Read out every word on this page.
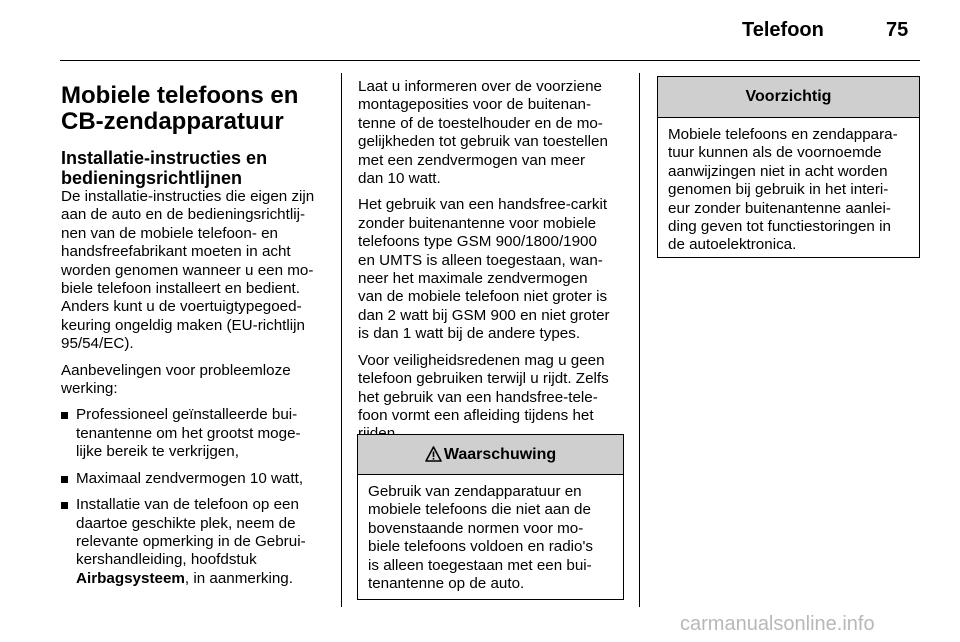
Telefoon	75
Mobiele telefoons en
CB-zendapparatuur
Installatie-instructies en
bedieningsrichtlijnen

De installatie-instructies die eigen zijn
aan de auto en de bedieningsrichtlij-
nen van de mobiele telefoon- en
handsfreefabrikant moeten in acht
worden genomen wanneer u een mo-
biele telefoon installeert en bedient.
Anders kunt u de voertuigtypegoed-
keuring ongeldig maken (EU-richtlijn
95/54/EC).

Aanbevelingen voor probleemloze
werking:

Professioneel geïnstalleerde bui-
tenantenne om het grootst moge-
lijke bereik te verkrijgen,
Maximaal zendvermogen 10 watt,
Installatie van de telefoon op een
daartoe geschikte plek, neem de
relevante opmerking in de Gebrui-
kershandleiding, hoofdstuk
Airbagsysteem, in aanmerking.

Laat u informeren over de voorziene
montageposities voor de buitenan-
tenne of de toestelhouder en de mo-
gelijkheden tot gebruik van toestellen
met een zendvermogen van meer
dan 10 watt.

Het gebruik van een handsfree-carkit
zonder buitenantenne voor mobiele
telefoons type GSM 900/1800/1900
en UMTS is alleen toegestaan, wan-
neer het maximale zendvermogen
van de mobiele telefoon niet groter is
dan 2 watt bij GSM 900 en niet groter
is dan 1 watt bij de andere types.

Voor veiligheidsredenen mag u geen
telefoon gebruiken terwijl u rijdt. Zelfs
het gebruik van een handsfree-tele-
foon vormt een afleiding tijdens het

Waarschuwing
Gebruik van zendapparatuur en
mobiele telefoons die niet aan de
bovenstaande normen voor mo-
biele telefoons voldoen en radio's
is alleen toegestaan met een bui-
tenantenne op de auto.
Voorzichtig
Mobiele telefoons en zendappara-
tuur kunnen als de voornoemde
aanwijzingen niet in acht worden
genomen bij gebruik in het interi-
eur zonder buitenantenne aanlei-
ding geven tot functiestoringen in
de autoelektronica.
carmanualsonline.info
